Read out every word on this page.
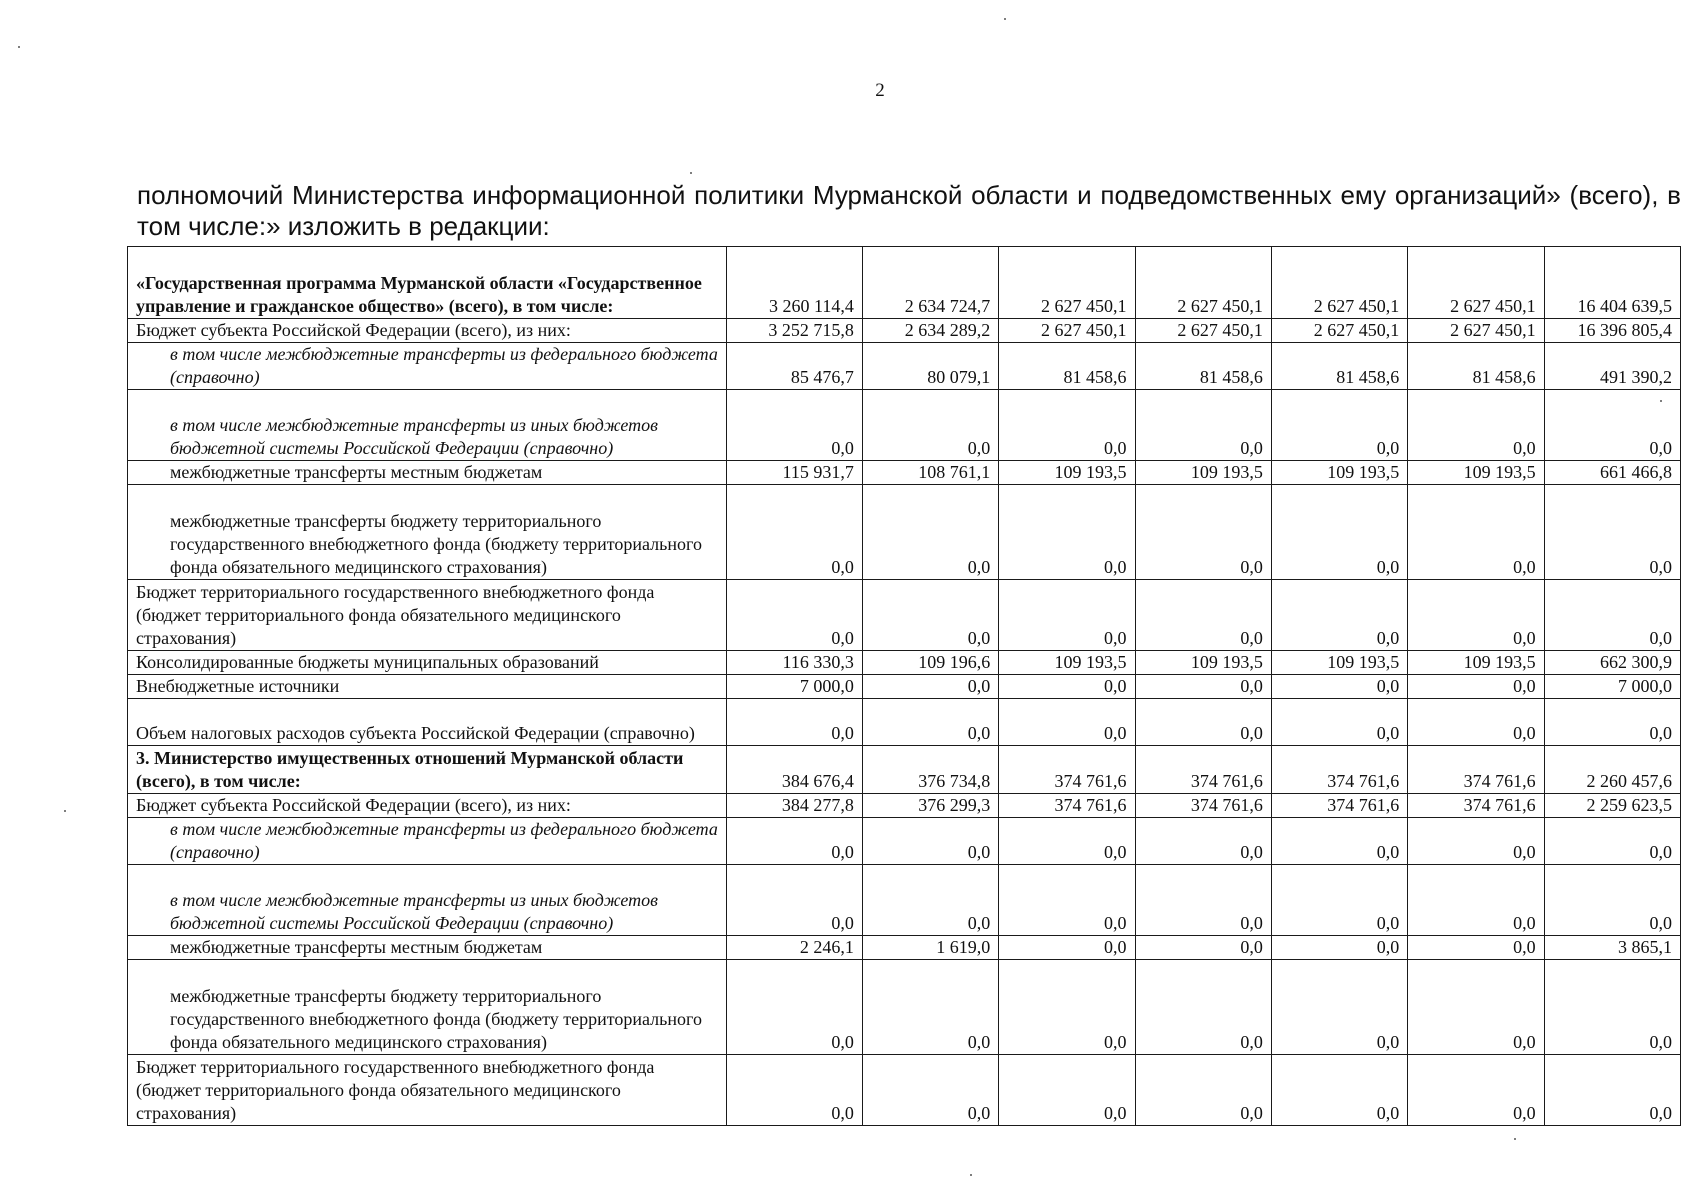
2
полномочий Министерства информационной политики Мурманской области и подведомственных ему организаций» (всего), в том числе:» изложить в редакции:
«Государственная программа Мурманской области «Государственное управление и гражданское общество» (всего), в том числе:	3 260 114,4	2 634 724,7	2 627 450,1	2 627 450,1	2 627 450,1	2 627 450,1	16 404 639,5
Бюджет субъекта Российской Федерации (всего), из них:	3 252 715,8	2 634 289,2	2 627 450,1	2 627 450,1	2 627 450,1	2 627 450,1	16 396 805,4
в том числе межбюджетные трансферты из федерального бюджета (справочно)	85 476,7	80 079,1	81 458,6	81 458,6	81 458,6	81 458,6	491 390,2
в том числе межбюджетные трансферты из иных бюджетов бюджетной системы Российской Федерации (справочно)	0,0	0,0	0,0	0,0	0,0	0,0	0,0
межбюджетные трансферты местным бюджетам	115 931,7	108 761,1	109 193,5	109 193,5	109 193,5	109 193,5	661 466,8
межбюджетные трансферты бюджету территориального государственного внебюджетного фонда (бюджету территориального фонда обязательного медицинского страхования)	0,0	0,0	0,0	0,0	0,0	0,0	0,0
Бюджет территориального государственного внебюджетного фонда (бюджет территориального фонда обязательного медицинского страхования)	0,0	0,0	0,0	0,0	0,0	0,0	0,0
Консолидированные бюджеты муниципальных образований	116 330,3	109 196,6	109 193,5	109 193,5	109 193,5	109 193,5	662 300,9
Внебюджетные источники	7 000,0	0,0	0,0	0,0	0,0	0,0	7 000,0
Объем налоговых расходов субъекта Российской Федерации (справочно)	0,0	0,0	0,0	0,0	0,0	0,0	0,0
3. Министерство имущественных отношений Мурманской области (всего), в том числе:	384 676,4	376 734,8	374 761,6	374 761,6	374 761,6	374 761,6	2 260 457,6
Бюджет субъекта Российской Федерации (всего), из них:	384 277,8	376 299,3	374 761,6	374 761,6	374 761,6	374 761,6	2 259 623,5
в том числе межбюджетные трансферты из федерального бюджета (справочно)	0,0	0,0	0,0	0,0	0,0	0,0	0,0
в том числе межбюджетные трансферты из иных бюджетов бюджетной системы Российской Федерации (справочно)	0,0	0,0	0,0	0,0	0,0	0,0	0,0
межбюджетные трансферты местным бюджетам	2 246,1	1 619,0	0,0	0,0	0,0	0,0	3 865,1
межбюджетные трансферты бюджету территориального государственного внебюджетного фонда (бюджету территориального фонда обязательного медицинского страхования)	0,0	0,0	0,0	0,0	0,0	0,0	0,0
Бюджет территориального государственного внебюджетного фонда (бюджет территориального фонда обязательного медицинского страхования)	0,0	0,0	0,0	0,0	0,0	0,0	0,0
